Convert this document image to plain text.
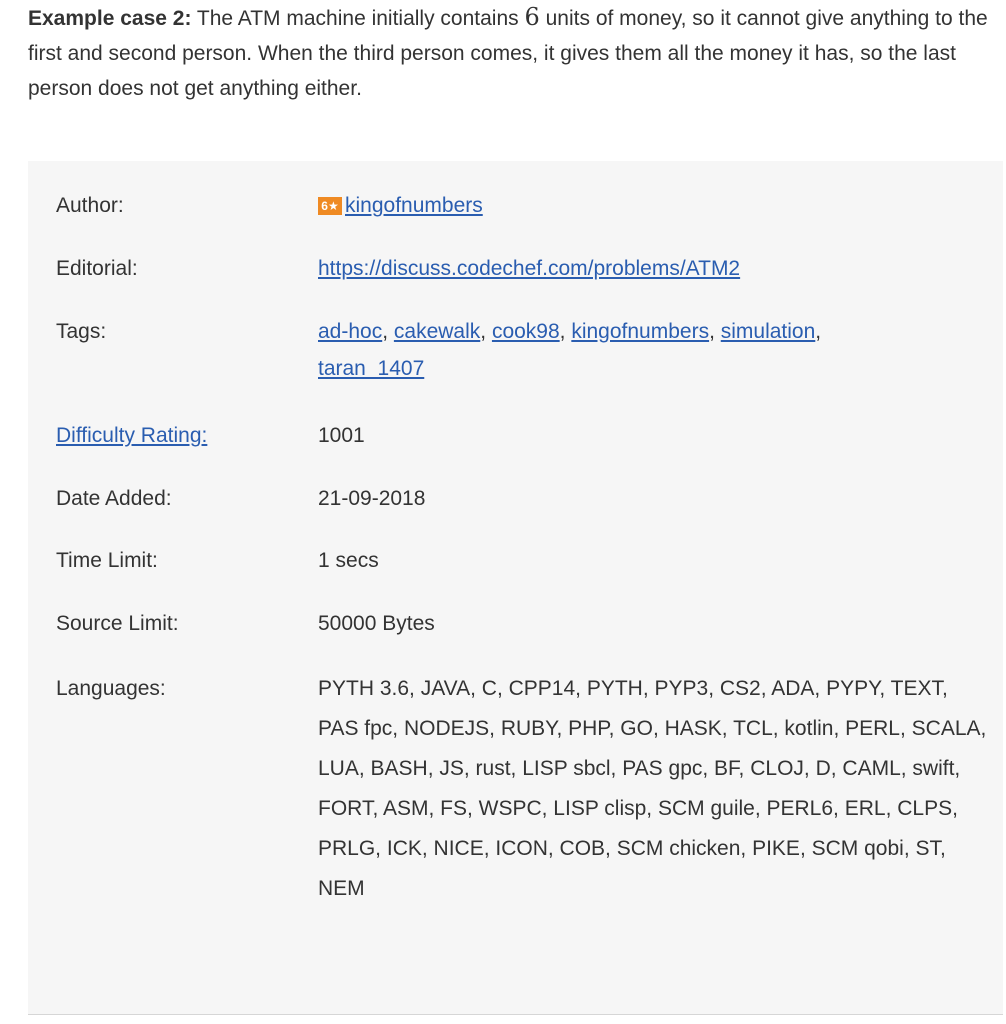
Example case 2: The ATM machine initially contains 6 units of money, so it cannot give anything to the first and second person. When the third person comes, it gives them all the money it has, so the last person does not get anything either.
Author:	6★ kingofnumbers
Editorial:	https://discuss.codechef.com/problems/ATM2
Tags:	ad-hoc, cakewalk, cook98, kingofnumbers, simulation,
taran_1407
Difficulty Rating:	1001
Date Added:	21-09-2018
Time Limit:	1 secs
Source Limit:	50000 Bytes
Languages:	PYTH 3.6, JAVA, C, CPP14, PYTH, PYP3, CS2, ADA, PYPY, TEXT, PAS fpc, NODEJS, RUBY, PHP, GO, HASK, TCL, kotlin, PERL, SCALA, LUA, BASH, JS, rust, LISP sbcl, PAS gpc, BF, CLOJ, D, CAML, swift, FORT, ASM, FS, WSPC, LISP clisp, SCM guile, PERL6, ERL, CLPS, PRLG, ICK, NICE, ICON, COB, SCM chicken, PIKE, SCM qobi, ST, NEM
